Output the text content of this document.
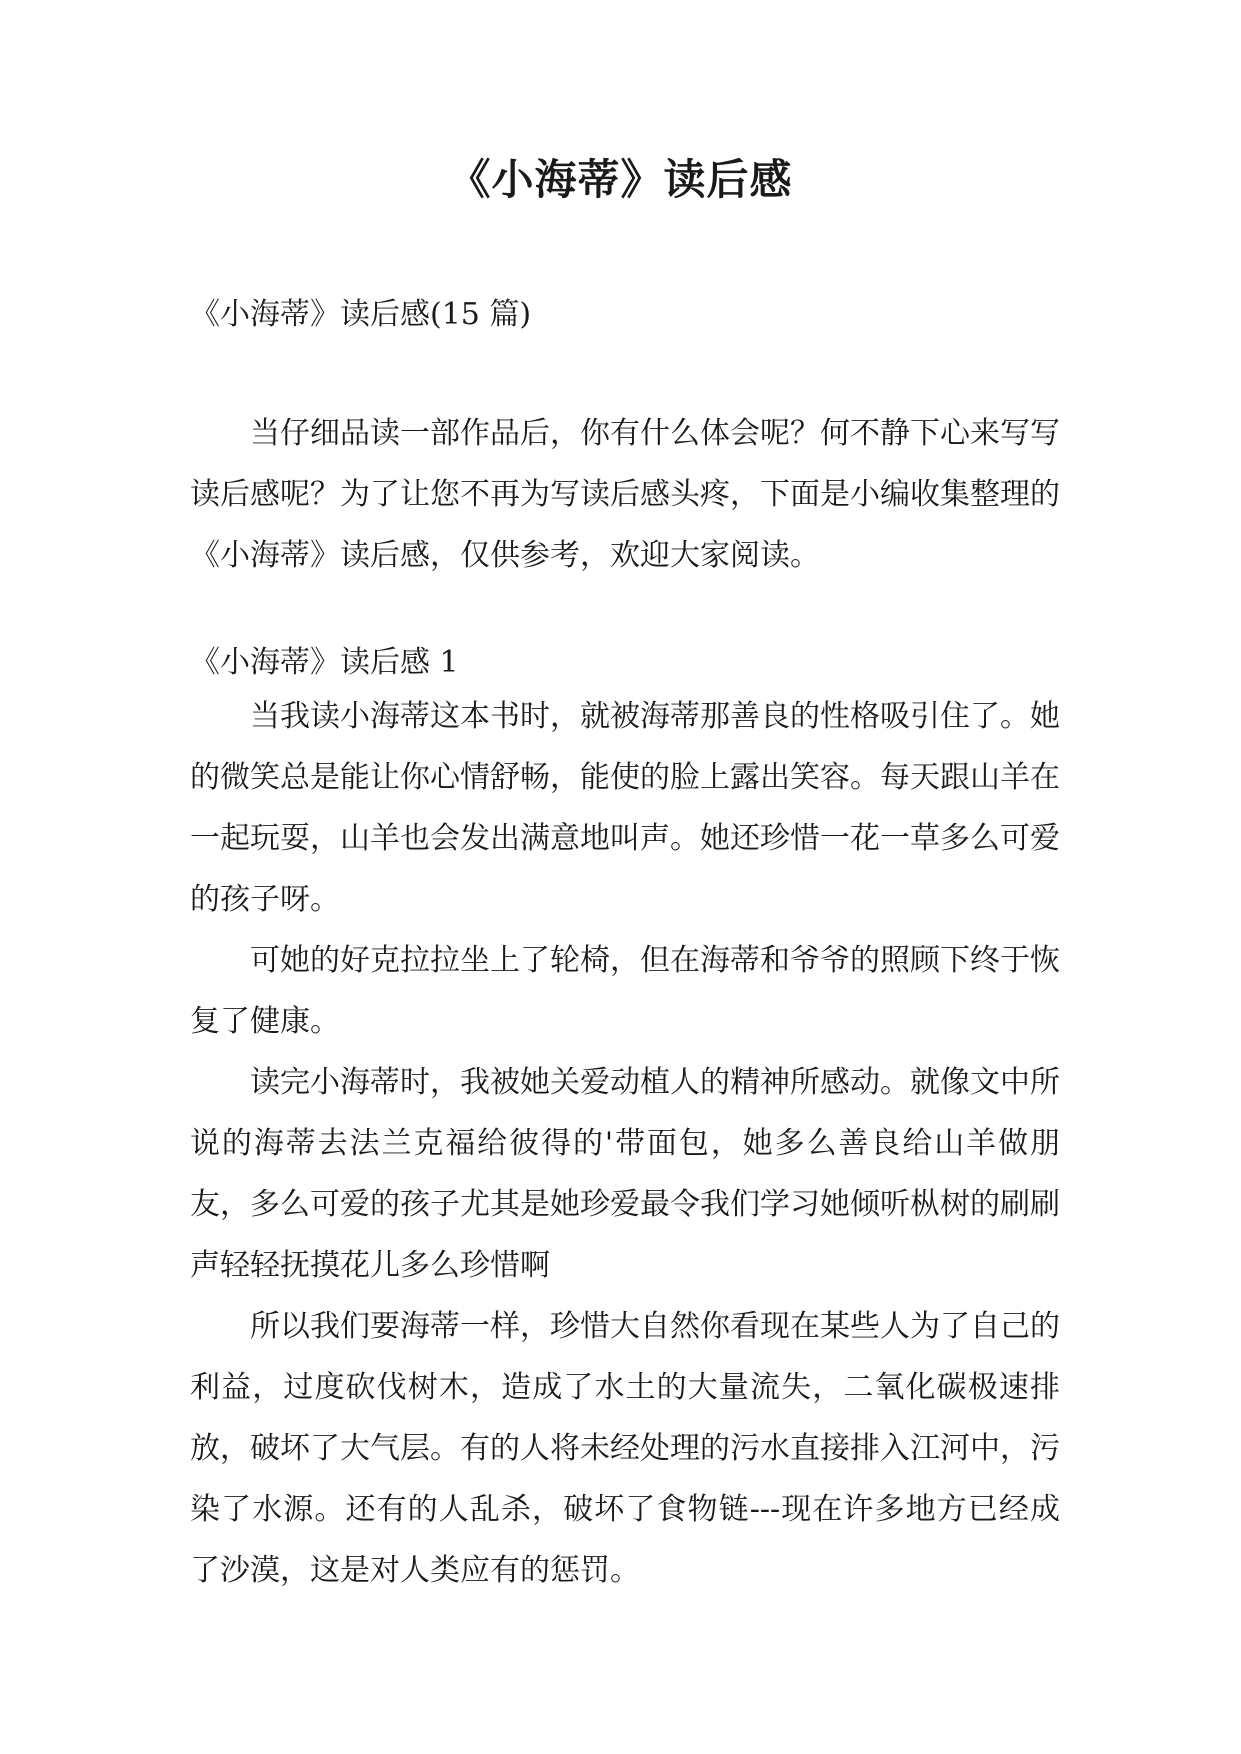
《小海蒂》读后感

《小海蒂》读后感(15 篇)

当仔细品读一部作品后，你有什么体会呢？何不静下心来写写读后感呢？为了让您不再为写读后感头疼，下面是小编收集整理的《小海蒂》读后感，仅供参考，欢迎大家阅读。

《小海蒂》读后感 1

当我读小海蒂这本书时，就被海蒂那善良的性格吸引住了。她的微笑总是能让你心情舒畅，能使的脸上露出笑容。每天跟山羊在一起玩耍，山羊也会发出满意地叫声。她还珍惜一花一草多么可爱的孩子呀。

可她的好克拉拉坐上了轮椅，但在海蒂和爷爷的照顾下终于恢复了健康。

读完小海蒂时，我被她关爱动植人的精神所感动。就像文中所说的海蒂去法兰克福给彼得的'带面包，她多么善良给山羊做朋友，多么可爱的孩子尤其是她珍爱最令我们学习她倾听枞树的刷刷声轻轻抚摸花儿多么珍惜啊

所以我们要海蒂一样，珍惜大自然你看现在某些人为了自己的利益，过度砍伐树木，造成了水土的大量流失，二氧化碳极速排放，破坏了大气层。有的人将未经处理的污水直接排入江河中，污染了水源。还有的人乱杀，破坏了食物链---现在许多地方已经成了沙漠，这是对人类应有的惩罚。
